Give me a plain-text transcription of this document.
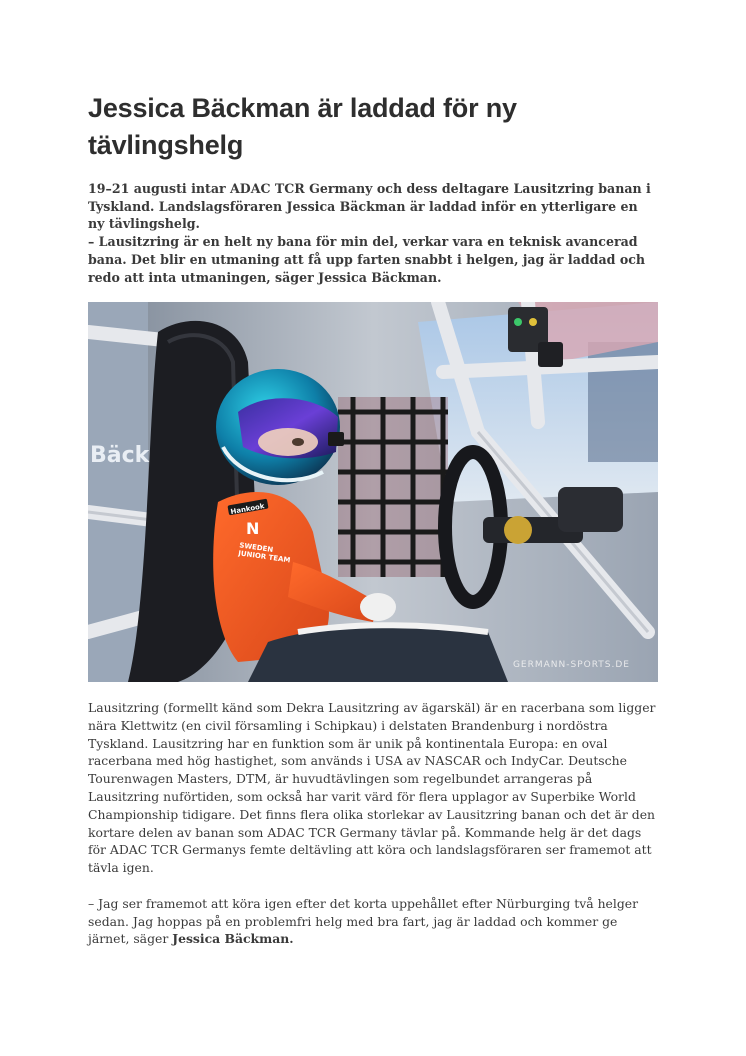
Jessica Bäckman är laddad för ny tävlingshelg

19–21 augusti intar ADAC TCR Germany och dess deltagare Lausitzring banan i Tyskland. Landslagsföraren Jessica Bäckman är laddad inför en ytterligare en ny tävlingshelg.

– Lausitzring är en helt ny bana för min del, verkar vara en teknisk avancerad bana. Det blir en utmaning att få upp farten snabbt i helgen, jag är laddad och redo att inta utmaningen, säger Jessica Bäckman.

Bäck
Hankook
N
SWEDEN JUNIOR TEAM
GERMANN-SPORTS.DE

Lausitzring (formellt känd som Dekra Lausitzring av ägarskäl) är en racerbana som ligger nära Klettwitz (en civil församling i Schipkau) i delstaten Brandenburg i nordöstra Tyskland. Lausitzring har en funktion som är unik på kontinentala Europa: en oval racerbana med hög hastighet, som används i USA av NASCAR och IndyCar. Deutsche Tourenwagen Masters, DTM, är huvudtävlingen som regelbundet arrangeras på Lausitzring nuförtiden, som också har varit värd för flera upplagor av Superbike World Championship tidigare. Det finns flera olika storlekar av Lausitzring banan och det är den kortare delen av banan som ADAC TCR Germany tävlar på. Kommande helg är det dags för ADAC TCR Germanys femte deltävling att köra och landslagsföraren ser framemot att tävla igen.

– Jag ser framemot att köra igen efter det korta uppehållet efter Nürburging två helger sedan. Jag hoppas på en problemfri helg med bra fart, jag är laddad och kommer ge järnet, säger Jessica Bäckman.
